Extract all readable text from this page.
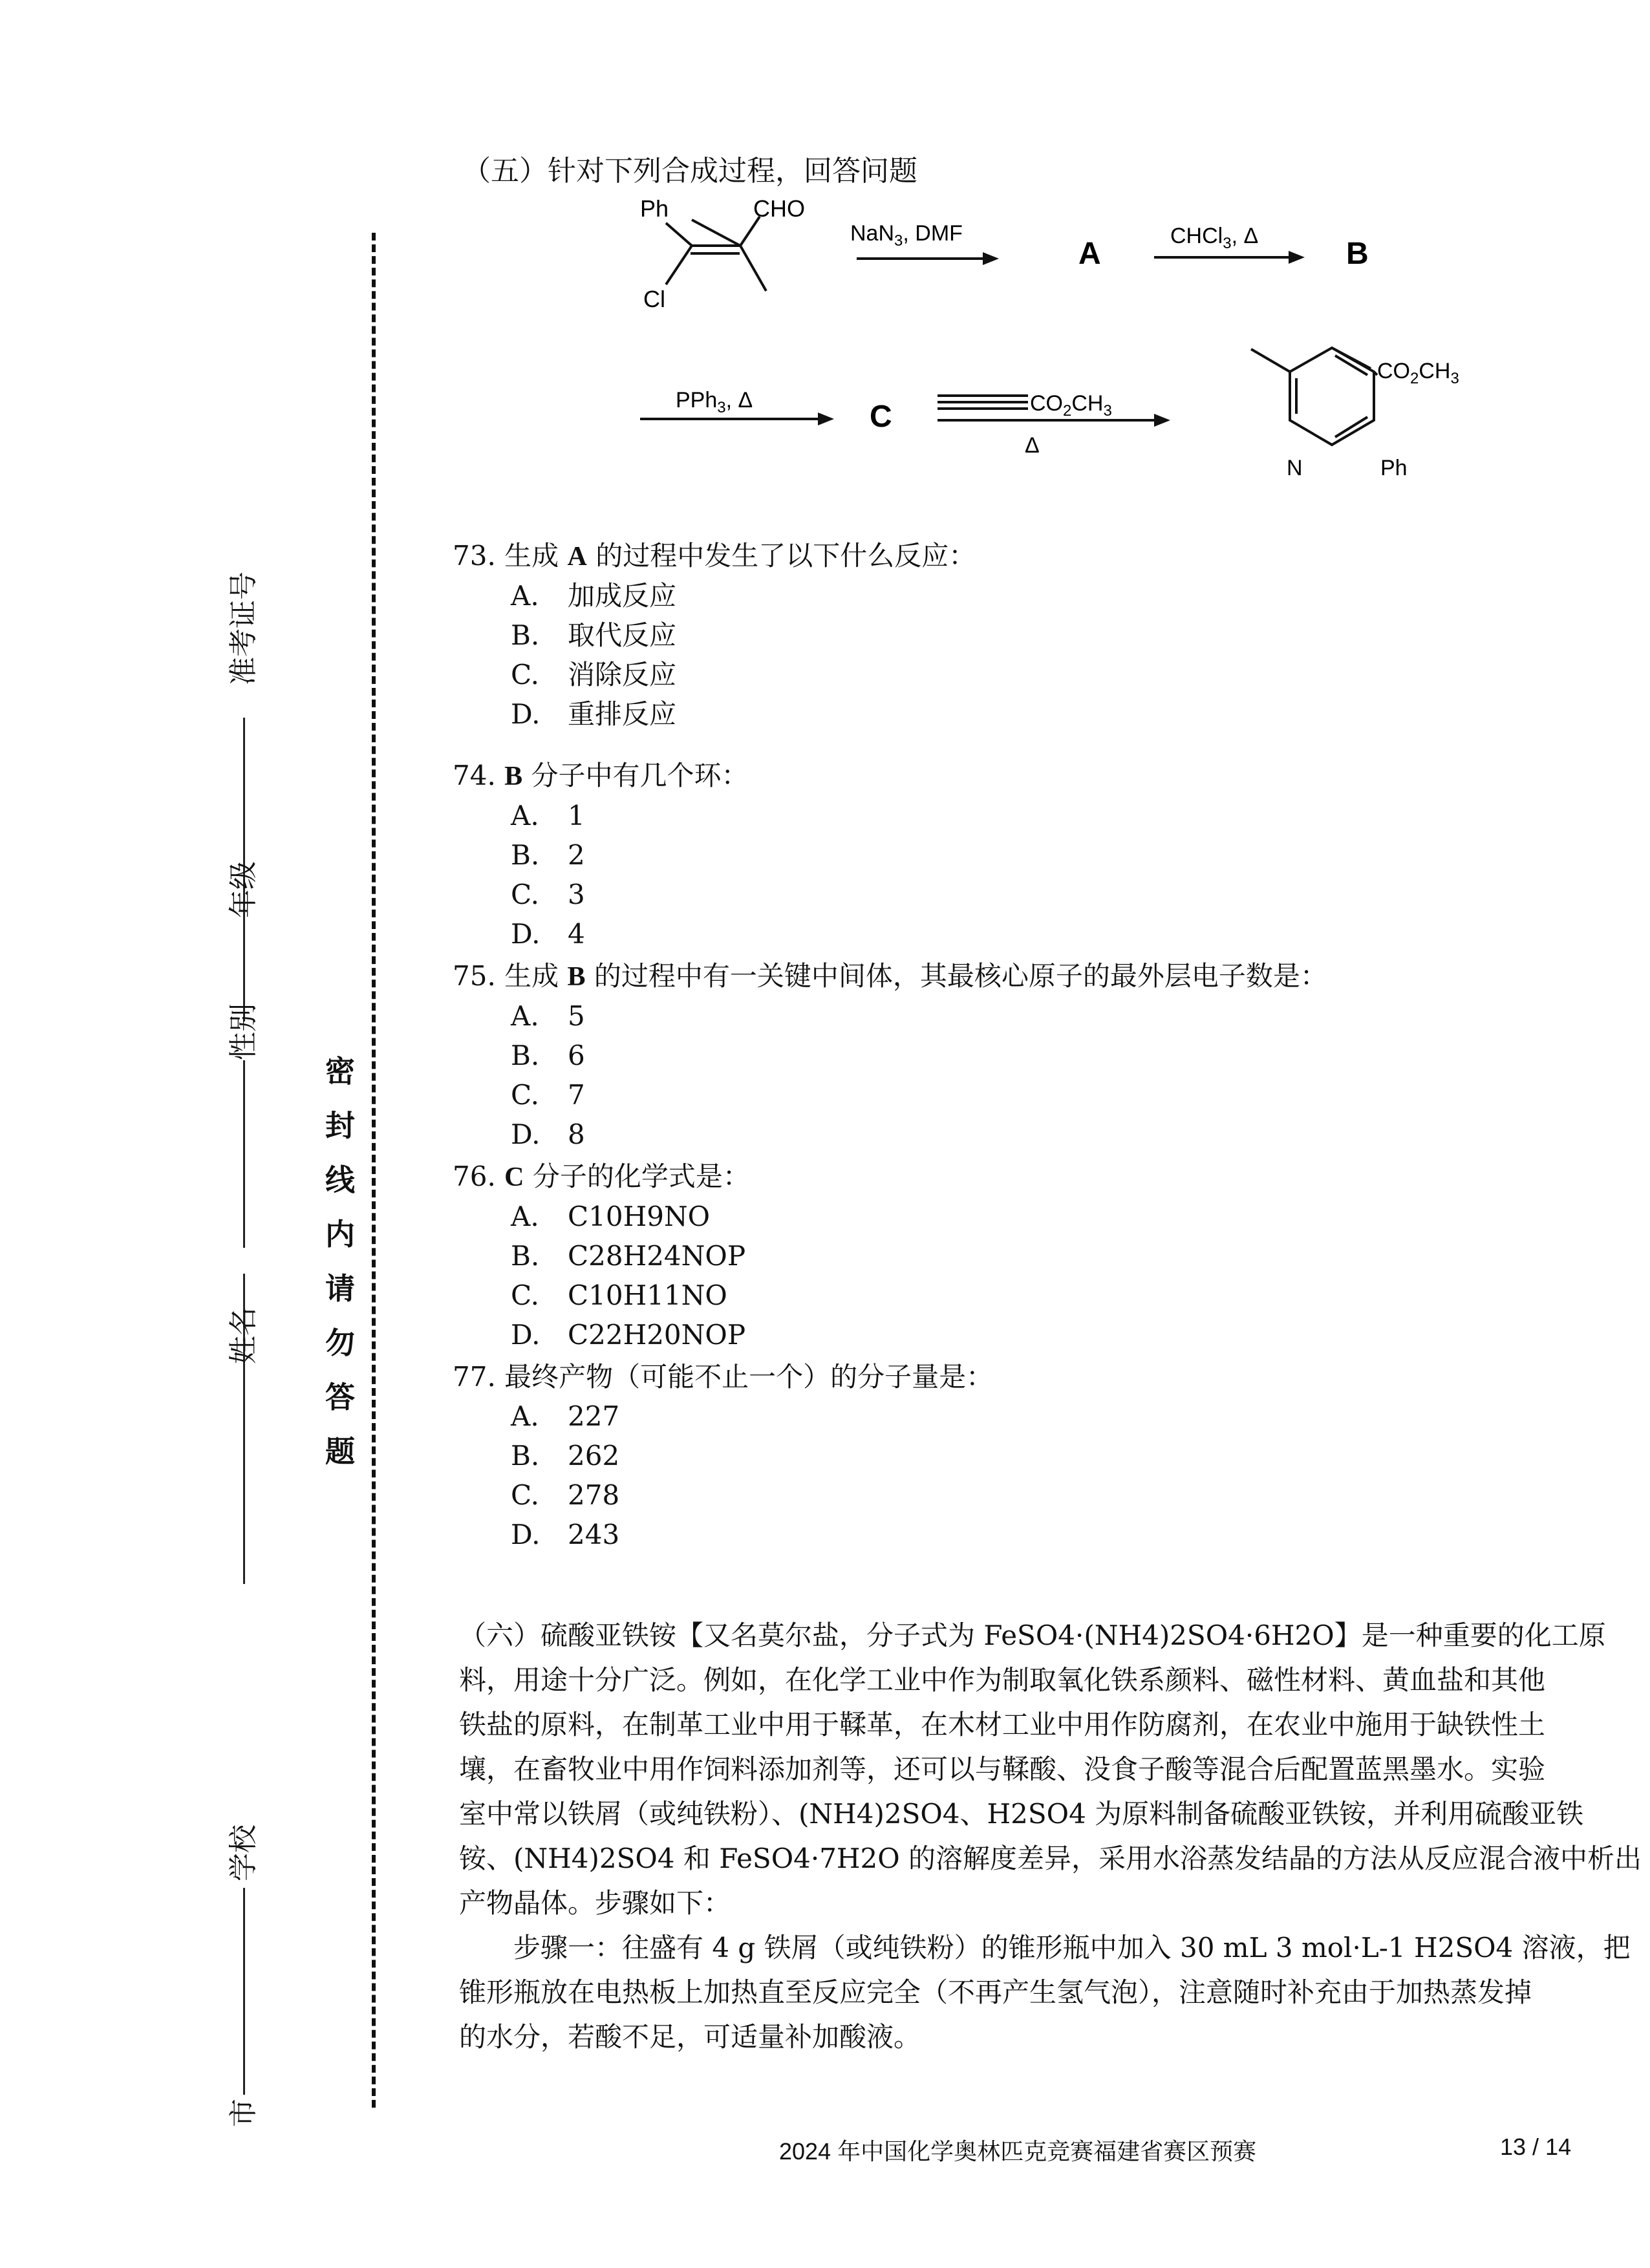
准考证号
年级
性别
姓名
学校
市
密
封
线
内
请
勿
答
题
（五）针对下列合成过程，回答问题
Ph	CHO
Cl
NaN$_3$, DMF
A
CHCl$_3$, Δ
B
PPh$_3$, Δ	C	$CO_2CH_3$
Δ
$CO_2CH_3$
N	Ph
73. 生成 A 的过程中发生了以下什么反应：
A. 加成反应
B. 取代反应
C. 消除反应
D. 重排反应
74. B 分子中有几个环：
A. 1
B. 2
C. 3
D. 4
75. 生成 B 的过程中有一关键中间体，其最核心原子的最外层电子数是：
A. 5
B. 6
C. 7
D. 8
76. C 分子的化学式是：
A. C10H9NO
B. C28H24NOP
C. C10H11NO
D. C22H20NOP
77. 最终产物（可能不止一个）的分子量是：
A. 227
B. 262
C. 278
D. 243
（六）硫酸亚铁铵【又名莫尔盐，分子式为 FeSO4·(NH4)2SO4·6H2O】是一种重要的化工原
料，用途十分广泛。例如，在化学工业中作为制取氧化铁系颜料、磁性材料、黄血盐和其他
铁盐的原料，在制革工业中用于鞣革，在木材工业中用作防腐剂，在农业中施用于缺铁性土
壤，在畜牧业中用作饲料添加剂等，还可以与鞣酸、没食子酸等混合后配置蓝黑墨水。实验
室中常以铁屑（或纯铁粉）、(NH4)2SO4、H2SO4 为原料制备硫酸亚铁铵，并利用硫酸亚铁
铵、(NH4)2SO4 和 FeSO4·7H2O 的溶解度差异，采用水浴蒸发结晶的方法从反应混合液中析出
产物晶体。步骤如下：
步骤一：往盛有 4 g 铁屑（或纯铁粉）的锥形瓶中加入 30 mL 3 mol·L-1 H2SO4 溶液，把
锥形瓶放在电热板上加热直至反应完全（不再产生氢气泡），注意随时补充由于加热蒸发掉
的水分，若酸不足，可适量补加酸液。
2024 年中国化学奥林匹克竞赛福建省赛区预赛	13 / 14
